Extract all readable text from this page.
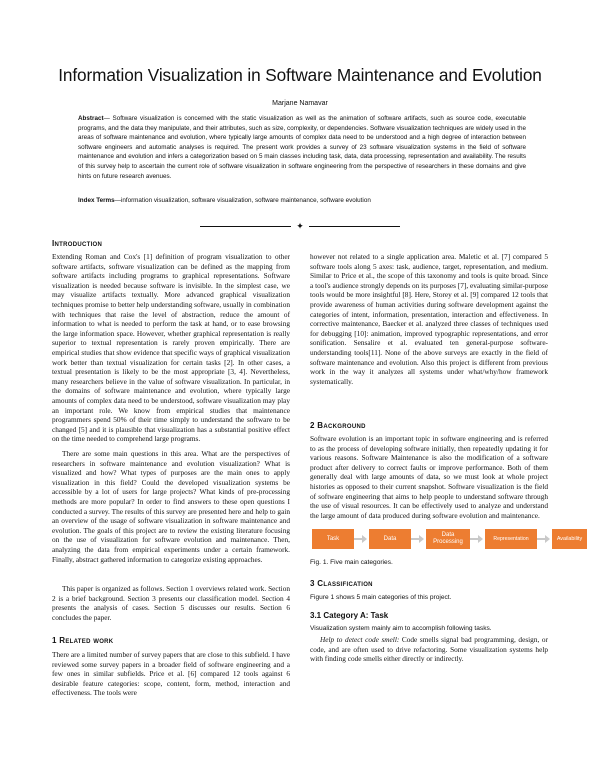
Information Visualization in Software Maintenance and Evolution
Marjane Namavar

Abstract— Software visualization is concerned with the static visualization as well as the animation of software artifacts, such as source code, executable programs, and the data they manipulate, and their attributes, such as size, complexity, or dependencies. Software visualization techniques are widely used in the areas of software maintenance and evolution, where typically large amounts of complex data need to be understood and a high degree of interaction between software engineers and automatic analyses is required. The present work provides a survey of 23 software visualization systems in the field of software maintenance and evolution and infers a categorization based on 5 main classes including task, data, data processing, representation and availability. The results of this survey help to ascertain the current role of software visualization in software engineering from the perspective of researchers in these domains and give hints on future research avenues.

Index Terms—information visualization, software visualization, software maintenance, software evolution

✦
Introduction

Extending Roman and Cox's [1] definition of program visualization to other software artifacts, software visualization can be defined as the mapping from software artifacts including programs to graphical representations. Software visualization is needed because software is invisible. In the simplest case, we may visualize artifacts textually. More advanced graphical visualization techniques promise to better help understanding software, usually in combination with techniques that raise the level of abstraction, reduce the amount of information to what is needed to perform the task at hand, or to ease browsing the large information space. However, whether graphical representation is really superior to textual representation is rarely proven empirically. There are empirical studies that show evidence that specific ways of graphical visualization work better than textual visualization for certain tasks [2]. In other cases, a textual presentation is likely to be the most appropriate [3, 4]. Nevertheless, many researchers believe in the value of software visualization. In particular, in the domains of software maintenance and evolution, where typically large amounts of complex data need to be understood, software visualization may play an important role. We know from empirical studies that maintenance programmers spend 50% of their time simply to understand the software to be changed [5] and it is plausible that visualization has a substantial positive effect on the time needed to comprehend large programs.

There are some main questions in this area. What are the perspectives of researchers in software maintenance and evolution visualization? What is visualized and how? What types of purposes are the main ones to apply visualization in this field? Could the developed visualization systems be accessible by a lot of users for large projects? What kinds of pre-processing methods are more popular? In order to find answers to these open questions I conducted a survey. The results of this survey are presented here and help to gain an overview of the usage of software visualization in software maintenance and evolution. The goals of this project are to review the existing literature focusing on the use of visualization for software evolution and maintenance. Then, analyzing the data from empirical experiments under a certain framework. Finally, abstract gathered information to categorize existing approaches.

This paper is organized as follows. Section 1 overviews related work. Section 2 is a brief background. Section 3 presents our classification model. Section 4 presents the analysis of cases. Section 5 discusses our results. Section 6 concludes the paper.

1 Related work

There are a limited number of survey papers that are close to this subfield. I have reviewed some survey papers in a broader field of software engineering and a few ones in similar subfields. Price et al. [6] compared 12 tools against 6 desirable feature categories: scope, content, form, method, interaction and effectiveness. The tools were

however not related to a single application area. Maletic et al. [7] compared 5 software tools along 5 axes: task, audience, target, representation, and medium. Similar to Price et al., the scope of this taxonomy and tools is quite broad. Since a tool's audience strongly depends on its purposes [7], evaluating similar-purpose tools would be more insightful [8]. Here, Storey et al. [9] compared 12 tools that provide awareness of human activities during software development against the categories of intent, information, presentation, interaction and effectiveness. In corrective maintenance, Baecker et al. analyzed three classes of techniques used for debugging [10]: animation, improved typographic representations, and error sonification. Sensalire et al. evaluated ten general-purpose software-understanding tools[11]. None of the above surveys are exactly in the field of software maintenance and evolution. Also this project is different from previous work in the way it analyzes all systems under what/why/how framework systematically.

2 Background

Software evolution is an important topic in software engineering and is referred to as the process of developing software initially, then repeatedly updating it for various reasons. Software Maintenance is also the modification of a software product after delivery to correct faults or improve performance. Both of them generally deal with large amounts of data, so we must look at whole project histories as opposed to their current snapshot. Software visualization is the field of software engineering that aims to help people to understand software through the use of visual resources. It can be effectively used to analyze and understand the large amount of data produced during software evolution and maintenance.

Task	Data
Data Processing
Representation	Availability
Fig. 1. Five main categories.
3 Classification
Figure 1 shows 5 main categories of this project.
3.1 Category A: Task
Visualization system mainly aim to accomplish following tasks.

Help to detect code smell: Code smells signal bad programming, design, or code, and are often used to drive refactoring. Some visualization systems help with finding code smells either directly or indirectly.
